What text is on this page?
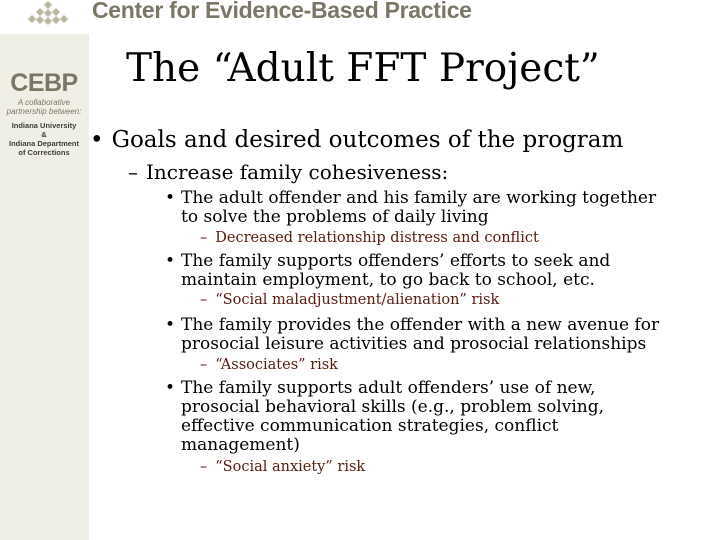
CEBP
A collaborative
partnership between:
Indiana University
&
Indiana Department
of Corrections
Center for Evidence-Based Practice
The “Adult FFT Project”
• Goals and desired outcomes of the program
– Increase family cohesiveness:
• The adult offender and his family are working together
to solve the problems of daily living
– Decreased relationship distress and conflict
• The family supports offenders’ efforts to seek and
maintain employment, to go back to school, etc.
– “Social maladjustment/alienation” risk
• The family provides the offender with a new avenue for
prosocial leisure activities and prosocial relationships
– “Associates” risk
• The family supports adult offenders’ use of new,
prosocial behavioral skills (e.g., problem solving,
effective communication strategies, conflict
management)
– “Social anxiety” risk
